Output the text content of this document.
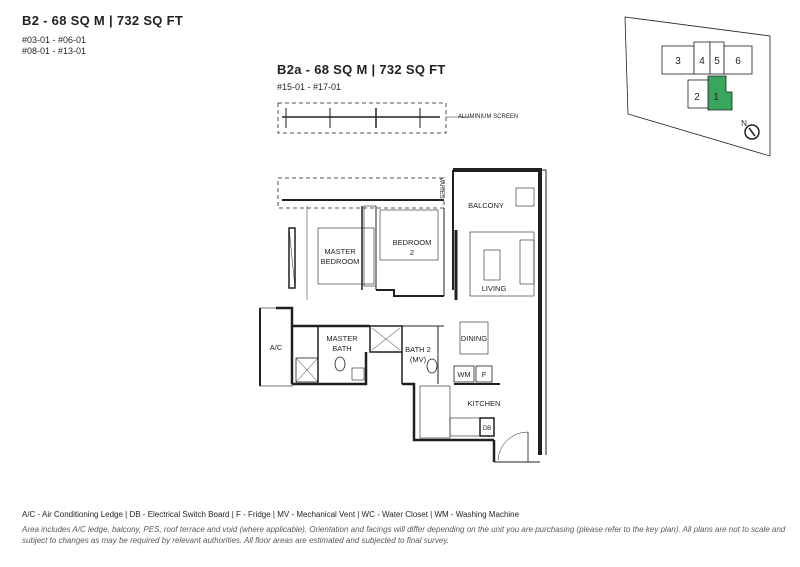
B2 - 68 SQ M | 732 SQ FT
#03-01 - #06-01
#08-01 - #13-01
B2a - 68 SQ M | 732 SQ FT
#15-01 - #17-01
ALUMINIUM SCREEN
VARIES
BALCONY
MASTER
BEDROOM
BEDROOM
2
LIVING
A/C
MASTER
BATH	BATH 2
(MV)
DINING
WM F
KITCHEN
DB
3 4 5 6
2 1
N
A/C - Air Conditioning Ledge | DB - Electrical Switch Board | F - Fridge | MV - Mechanical Vent | WC - Water Closet | WM - Washing Machine
Area includes A/C ledge, balcony, PES, roof terrace and void (where applicable). Orientation and facings will differ depending on the unit you are purchasing (please refer to the key plan). All plans are not to scale and subject to changes as may be required by relevant authorities. All floor areas are estimated and subjected to final survey.
